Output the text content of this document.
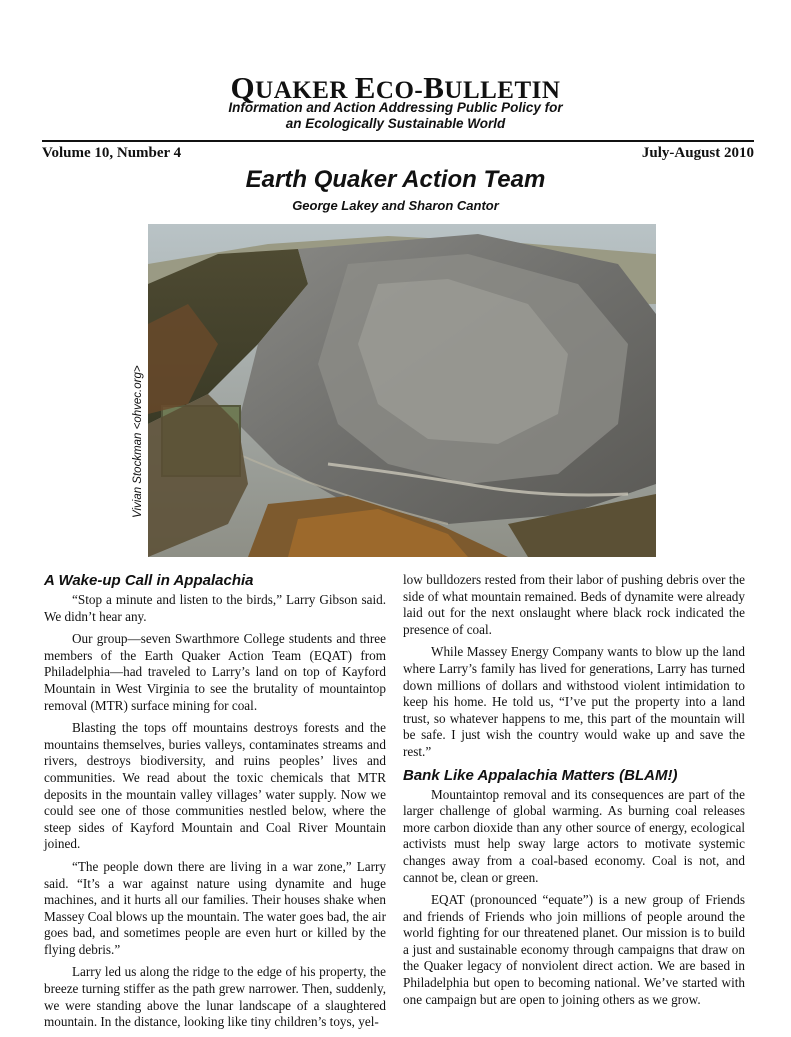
QUAKER ECO-BULLETIN
Information and Action Addressing Public Policy for
an Ecologically Sustainable World
Volume 10, Number 4	July-August 2010
Earth Quaker Action Team
George Lakey and Sharon Cantor
Vivian Stockman <ohvec.org>
A Wake-up Call in Appalachia

“Stop a minute and listen to the birds,” Larry Gibson said. We didn’t hear any.

Our group—seven Swarthmore College students and three members of the Earth Quaker Action Team (EQAT) from Philadelphia—had traveled to Larry’s land on top of Kayford Mountain in West Virginia to see the brutality of mountaintop removal (MTR) surface mining for coal.

Blasting the tops off mountains destroys forests and the mountains themselves, buries valleys, contaminates streams and rivers, destroys biodiversity, and ruins peoples’ lives and communities. We read about the toxic chemicals that MTR deposits in the mountain valley villages’ water supply. Now we could see one of those communities nestled below, where the steep sides of Kayford Mountain and Coal River Mountain joined.

“The people down there are living in a war zone,” Larry said. “It’s a war against nature using dynamite and huge machines, and it hurts all our families. Their houses shake when Massey Coal blows up the mountain. The water goes bad, the air goes bad, and sometimes people are even hurt or killed by the flying debris.”

Larry led us along the ridge to the edge of his property, the breeze turning stiffer as the path grew narrower. Then, suddenly, we were standing above the lunar landscape of a slaughtered mountain. In the distance, looking like tiny children’s toys, yel-

low bulldozers rested from their labor of pushing debris over the side of what mountain remained. Beds of dynamite were already laid out for the next onslaught where black rock indicated the presence of coal.

While Massey Energy Company wants to blow up the land where Larry’s family has lived for generations, Larry has turned down millions of dollars and withstood violent intimidation to keep his home. He told us, “I’ve put the property into a land trust, so whatever happens to me, this part of the mountain will be safe. I just wish the country would wake up and save the rest.”

Bank Like Appalachia Matters (BLAM!)

Mountaintop removal and its consequences are part of the larger challenge of global warming. As burning coal releases more carbon dioxide than any other source of energy, ecological activists must help sway large actors to motivate systemic changes away from a coal-based economy. Coal is not, and cannot be, clean or green.

EQAT (pronounced “equate”) is a new group of Friends and friends of Friends who join millions of people around the world fighting for our threatened planet. Our mission is to build a just and sustainable economy through campaigns that draw on the Quaker legacy of nonviolent direct action. We are based in Philadelphia but open to becoming national. We’ve started with one campaign but are open to joining others as we grow.
